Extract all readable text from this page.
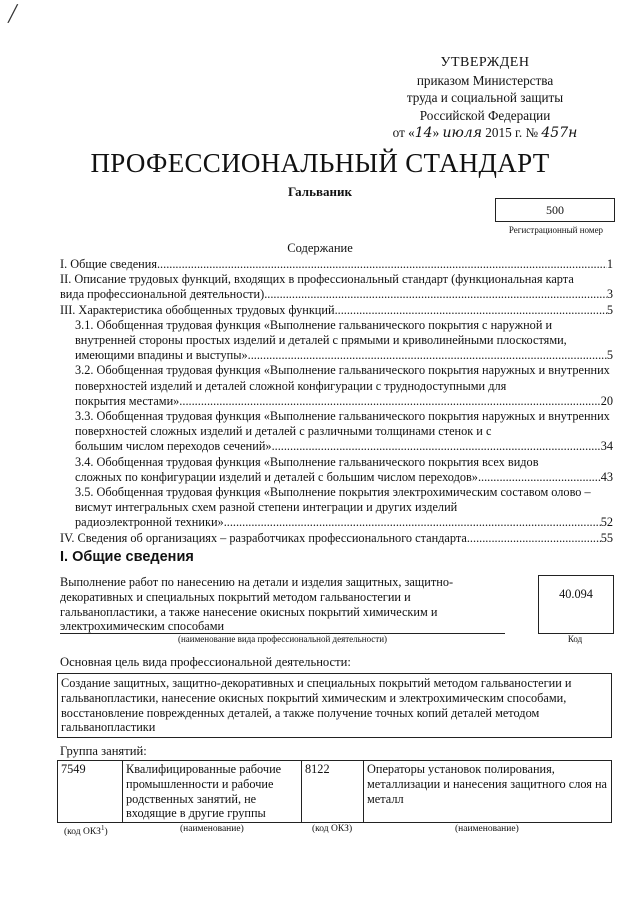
╱
УТВЕРЖДЕН
приказом Министерства
труда и социальной защиты
Российской Федерации
от «14» июля 2015 г. № 457н
ПРОФЕССИОНАЛЬНЫЙ СТАНДАРТ
Гальваник
500
Регистрационный номер
Содержание
I. Общие сведения .....	1
II. Описание трудовых функций, входящих в профессиональный стандарт (функциональная карта
вида профессиональной деятельности) .....	3
III. Характеристика обобщенных трудовых функций .....	5
3.1. Обобщенная трудовая функция «Выполнение гальванического покрытия с наружной и внутренней стороны простых изделий и деталей с прямыми и криволинейными плоскостями,
имеющими впадины и выступы» .....	5
3.2. Обобщенная трудовая функция «Выполнение гальванического покрытия наружных и внутренних поверхностей изделий и деталей сложной конфигурации с труднодоступными для
покрытия местами» .....	20
3.3. Обобщенная трудовая функция «Выполнение гальванического покрытия наружных и внутренних поверхностей сложных изделий и деталей с различными толщинами стенок и с
большим числом переходов сечений» .....	34
3.4. Обобщенная трудовая функция «Выполнение гальванического покрытия всех видов
сложных по конфигурации изделий и деталей с большим числом переходов» .....	43
3.5. Обобщенная трудовая функция «Выполнение покрытия электрохимическим составом олово – висмут интегральных схем разной степени интеграции и других изделий
радиоэлектронной техники» .....	52
IV. Сведения об организациях – разработчиках профессионального стандарта .....	55
I. Общие сведения
Выполнение работ по нанесению на детали и изделия защитных, защитно-декоративных и специальных покрытий методом гальваностегии и гальванопластики, а также нанесение окисных покрытий химическим и электрохимическим способами
(наименование вида профессиональной деятельности)
40.094
Код
Основная цель вида профессиональной деятельности:
Создание защитных, защитно-декоративных и специальных покрытий методом гальваностегии и гальванопластики, нанесение окисных покрытий химическим и электрохимическим способами, восстановление поврежденных деталей, а также получение точных копий деталей методом гальванопластики
Группа занятий:
7549	Квалифицированные рабочие промышленности и рабочие родственных занятий, не входящие в другие группы	8122	Операторы установок полирования, металлизации и нанесения защитного слоя на металл
(код ОКЗ$^1$)	(наименование)	(код ОКЗ)	(наименование)
